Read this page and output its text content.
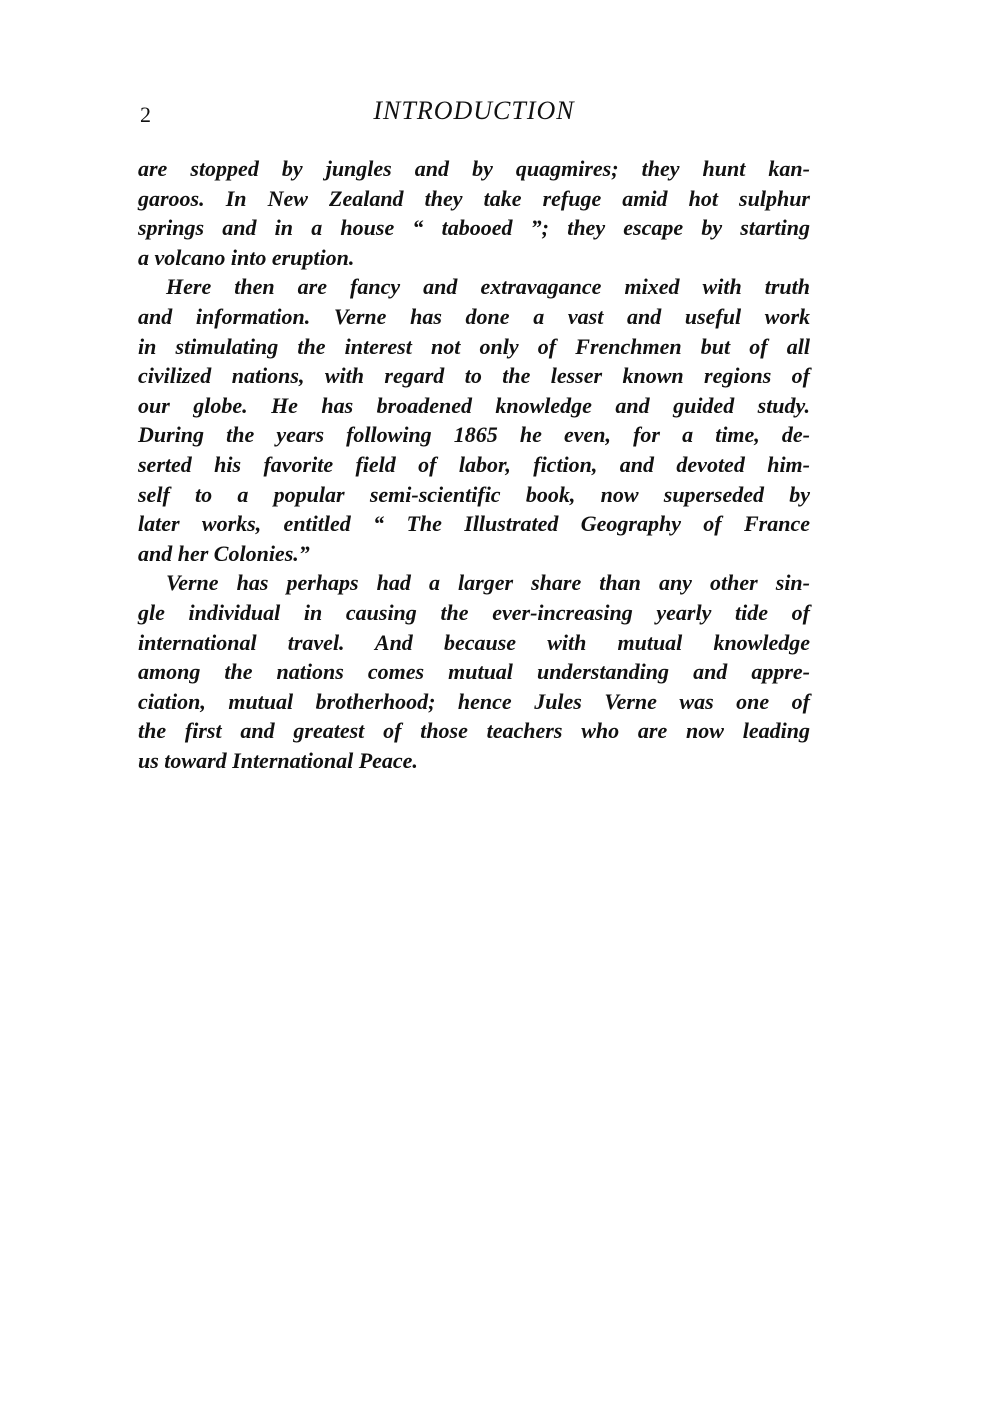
2	INTRODUCTION
are stopped by jungles and by quagmires; they hunt kan-
garoos. In New Zealand they take refuge amid hot sulphur
springs and in a house “ tabooed ”; they escape by starting
a volcano into eruption.
Here then are fancy and extravagance mixed with truth
and information. Verne has done a vast and useful work
in stimulating the interest not only of Frenchmen but of all
civilized nations, with regard to the lesser known regions of
our globe. He has broadened knowledge and guided study.
During the years following 1865 he even, for a time, de-
serted his favorite field of labor, fiction, and devoted him-
self to a popular semi-scientific book, now superseded by
later works, entitled “ The Illustrated Geography of France
and her Colonies.”
Verne has perhaps had a larger share than any other sin-
gle individual in causing the ever-increasing yearly tide of
international travel. And because with mutual knowledge
among the nations comes mutual understanding and appre-
ciation, mutual brotherhood; hence Jules Verne was one of
the first and greatest of those teachers who are now leading
us toward International Peace.
